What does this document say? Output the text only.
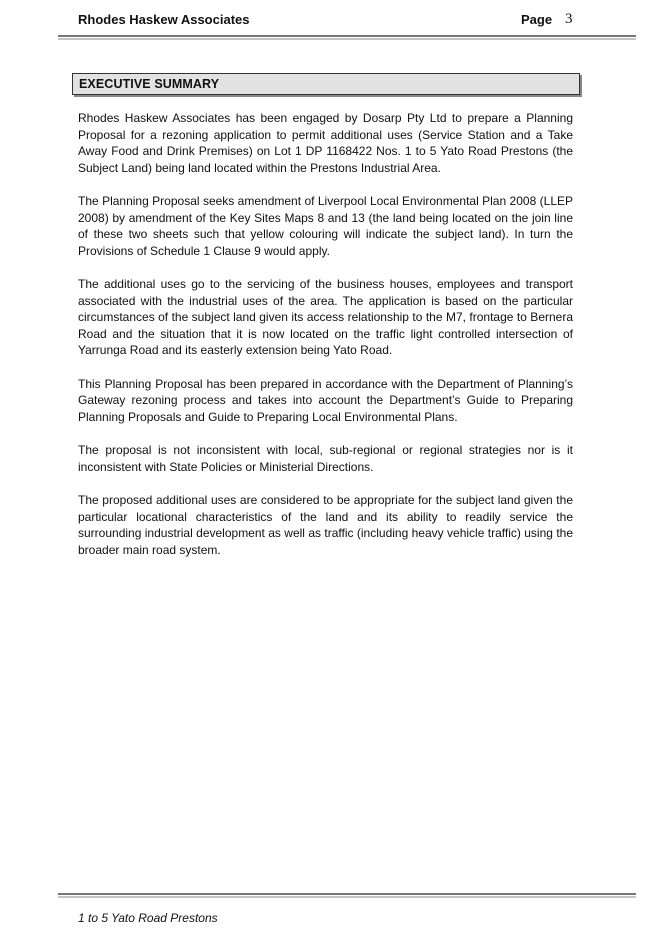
Rhodes Haskew Associates	Page 3
EXECUTIVE SUMMARY

Rhodes Haskew Associates has been engaged by Dosarp Pty Ltd to prepare a Planning Proposal for a rezoning application to permit additional uses (Service Station and a Take Away Food and Drink Premises) on Lot 1 DP 1168422 Nos. 1 to 5 Yato Road Prestons (the Subject Land) being land located within the Prestons Industrial Area.

The Planning Proposal seeks amendment of Liverpool Local Environmental Plan 2008 (LLEP 2008) by amendment of the Key Sites Maps 8 and 13 (the land being located on the join line of these two sheets such that yellow colouring will indicate the subject land). In turn the Provisions of Schedule 1 Clause 9 would apply.

The additional uses go to the servicing of the business houses, employees and transport associated with the industrial uses of the area. The application is based on the particular circumstances of the subject land given its access relationship to the M7, frontage to Bernera Road and the situation that it is now located on the traffic light controlled intersection of Yarrunga Road and its easterly extension being Yato Road.

This Planning Proposal has been prepared in accordance with the Department of Planning’s Gateway rezoning process and takes into account the Department’s Guide to Preparing Planning Proposals and Guide to Preparing Local Environmental Plans.

The proposal is not inconsistent with local, sub-regional or regional strategies nor is it inconsistent with State Policies or Ministerial Directions.

The proposed additional uses are considered to be appropriate for the subject land given the particular locational characteristics of the land and its ability to readily service the surrounding industrial development as well as traffic (including heavy vehicle traffic) using the broader main road system.

1 to 5 Yato Road Prestons
